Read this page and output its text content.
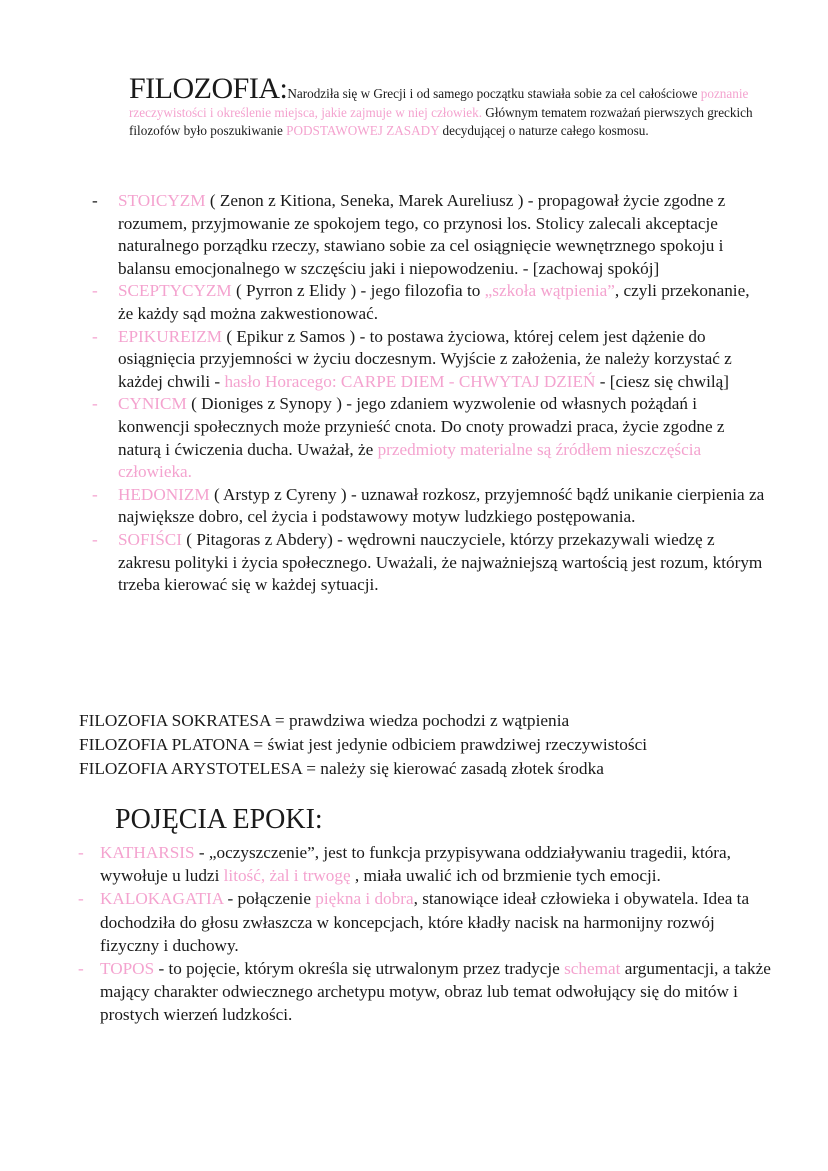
FILOZOFIA:Narodziła się w Grecji i od samego początku stawiała sobie za cel całościowe poznanie rzeczywistości i określenie miejsca, jakie zajmuje w niej człowiek. Głównym tematem rozważań pierwszych greckich filozofów było poszukiwanie PODSTAWOWEJ ZASADY decydującej o naturze całego kosmosu.
- STOICYZM ( Zenon z Kitiona, Seneka, Marek Aureliusz ) - propagował życie zgodne z rozumem, przyjmowanie ze spokojem tego, co przynosi los. Stolicy zalecali akceptacje naturalnego porządku rzeczy, stawiano sobie za cel osiągnięcie wewnętrznego spokoju i balansu emocjonalnego w szczęściu jaki i niepowodzeniu. - [zachowaj spokój]
- SCEPTYCYZM ( Pyrron z Elidy ) - jego filozofia to „szkoła wątpienia”, czyli przekonanie, że każdy sąd można zakwestionować.
- EPIKUREIZM ( Epikur z Samos ) - to postawa życiowa, której celem jest dążenie do osiągnięcia przyjemności w życiu doczesnym. Wyjście z założenia, że należy korzystać z każdej chwili - hasło Horacego: CARPE DIEM - CHWYTAJ DZIEŃ - [ciesz się chwilą]
- CYNICM ( Dioniges z Synopy ) - jego zdaniem wyzwolenie od własnych pożądań i konwencji społecznych może przynieść cnota. Do cnoty prowadzi praca, życie zgodne z naturą i ćwiczenia ducha. Uważał, że przedmioty materialne są źródłem nieszczęścia człowieka.
- HEDONIZM ( Arstyp z Cyreny ) - uznawał rozkosz, przyjemność bądź unikanie cierpienia za największe dobro, cel życia i podstawowy motyw ludzkiego postępowania.
- SOFIŚCI ( Pitagoras z Abdery) - wędrowni nauczyciele, którzy przekazywali wiedzę z zakresu polityki i życia społecznego. Uważali, że najważniejszą wartością jest rozum, którym trzeba kierować się w każdej sytuacji.
FILOZOFIA SOKRATESA = prawdziwa wiedza pochodzi z wątpienia
FILOZOFIA PLATONA = świat jest jedynie odbiciem prawdziwej rzeczywistości
FILOZOFIA ARYSTOTELESA = należy się kierować zasadą złotek środka
POJĘCIA EPOKI:
- KATHARSIS - „oczyszczenie”, jest to funkcja przypisywana oddziaływaniu tragedii, która, wywołuje u ludzi litość, żal i trwogę , miała uwalić ich od brzmienie tych emocji.
- KALOKAGATIA - połączenie piękna i dobra, stanowiące ideał człowieka i obywatela. Idea ta dochodziła do głosu zwłaszcza w koncepcjach, które kładły nacisk na harmonijny rozwój fizyczny i duchowy.
- TOPOS - to pojęcie, którym określa się utrwalonym przez tradycje schemat argumentacji, a także mający charakter odwiecznego archetypu motyw, obraz lub temat odwołujący się do mitów i prostych wierzeń ludzkości.
